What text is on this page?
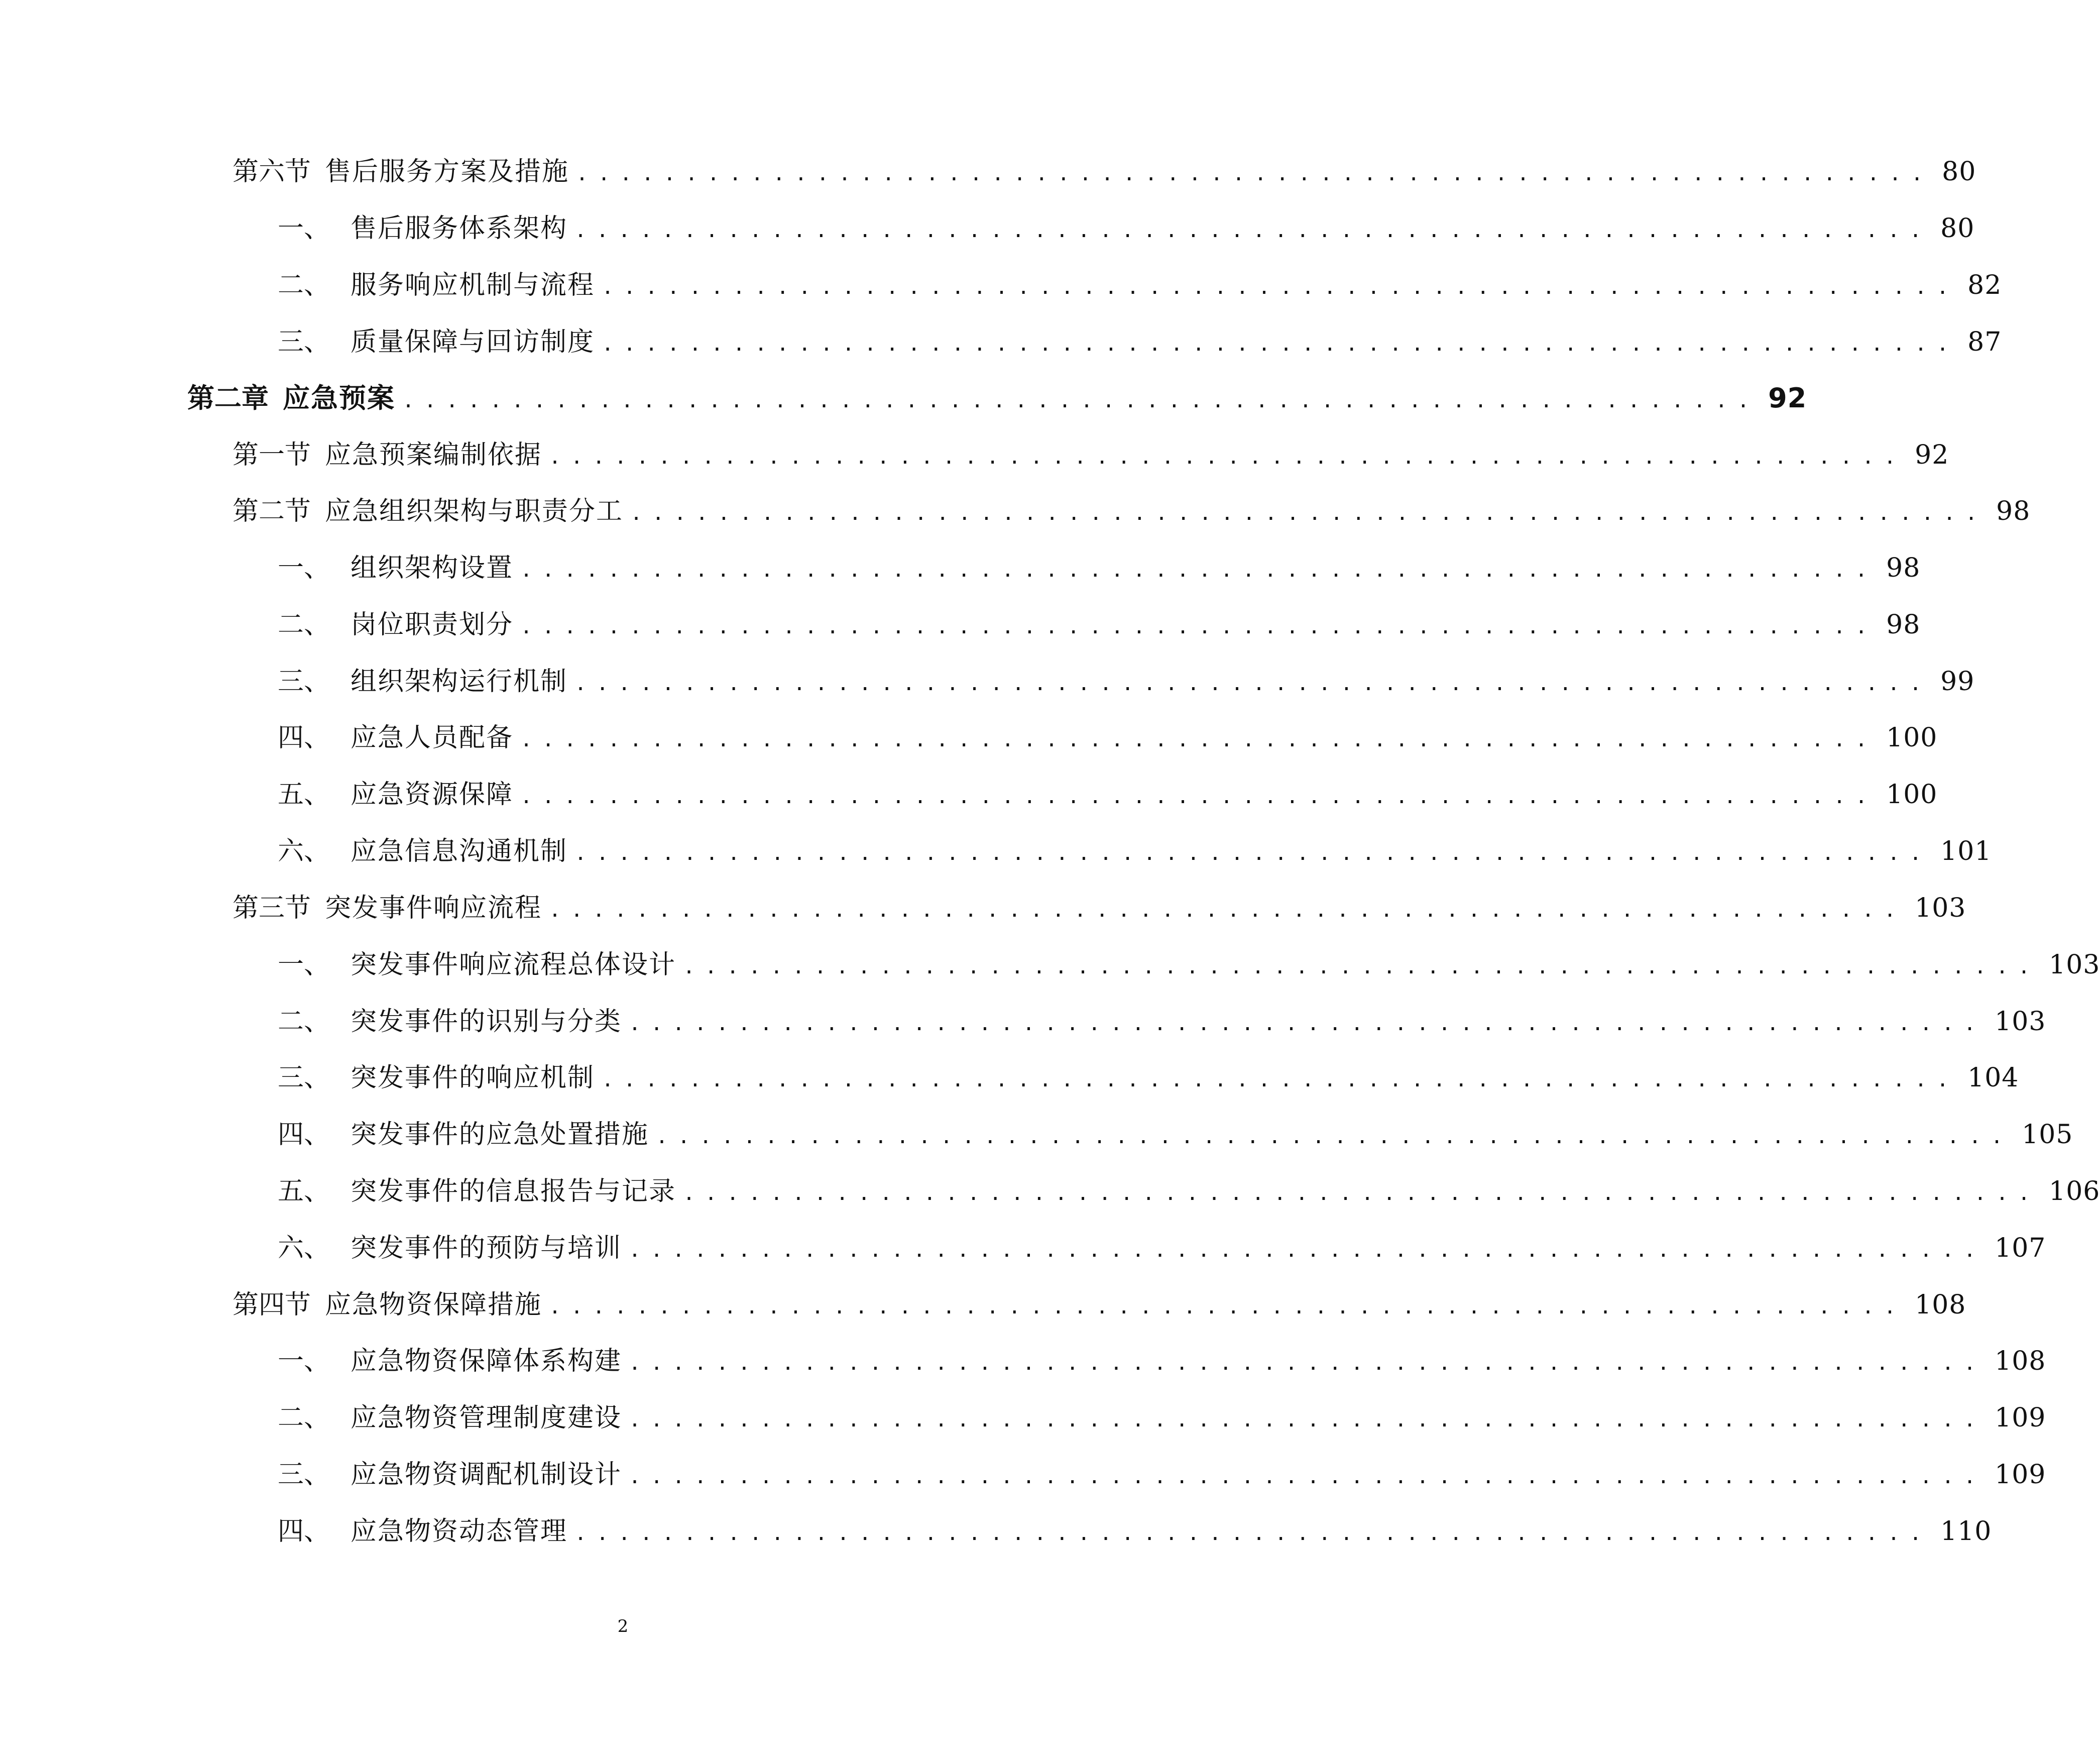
第六节 售后服务方案及措施 .............................................................. 80
一、 售后服务体系架构 .............................................................. 80
二、 服务响应机制与流程 .............................................................. 82
三、 质量保障与回访制度 .............................................................. 87
第二章 应急预案 .............................................................. 92
第一节 应急预案编制依据 .............................................................. 92
第二节 应急组织架构与职责分工 .............................................................. 98
一、 组织架构设置 .............................................................. 98
二、 岗位职责划分 .............................................................. 98
三、 组织架构运行机制 .............................................................. 99
四、 应急人员配备 .............................................................. 100
五、 应急资源保障 .............................................................. 100
六、 应急信息沟通机制 .............................................................. 101
第三节 突发事件响应流程 .............................................................. 103
一、 突发事件响应流程总体设计 .............................................................. 103
二、 突发事件的识别与分类 .............................................................. 103
三、 突发事件的响应机制 .............................................................. 104
四、 突发事件的应急处置措施 .............................................................. 105
五、 突发事件的信息报告与记录 .............................................................. 106
六、 突发事件的预防与培训 .............................................................. 107
第四节 应急物资保障措施 .............................................................. 108
一、 应急物资保障体系构建 .............................................................. 108
二、 应急物资管理制度建设 .............................................................. 109
三、 应急物资调配机制设计 .............................................................. 109
四、 应急物资动态管理 .............................................................. 110
2
